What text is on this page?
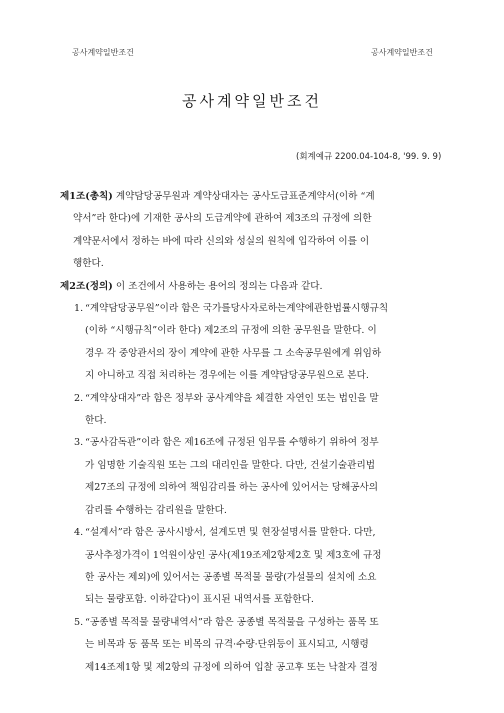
공사계약일반조건	공사계약일반조건
공사계약일반조건
(회계예규 2200.04-104-8, '99. 9. 9)
제1조(총칙) 계약담당공무원과 계약상대자는 공사도급표준계약서(이하 “계
약서”라 한다)에 기재한 공사의 도급계약에 관하여 제3조의 규정에 의한
계약문서에서 정하는 바에 따라 신의와 성실의 원칙에 입각하여 이를 이
행한다.
제2조(정의) 이 조건에서 사용하는 용어의 정의는 다음과 같다.
1. “계약담당공무원”이라 함은 국가를당사자로하는계약에관한법률시행규칙
(이하 “시행규칙”이라 한다) 제2조의 규정에 의한 공무원을 말한다. 이
경우 각 중앙관서의 장이 계약에 관한 사무를 그 소속공무원에게 위임하
지 아니하고 직접 처리하는 경우에는 이를 계약담당공무원으로 본다.
2. “계약상대자”라 함은 정부와 공사계약을 체결한 자연인 또는 법인을 말
한다.
3. “공사감독관”이라 함은 제16조에 규정된 임무를 수행하기 위하여 정부
가 임명한 기술직원 또는 그의 대리인을 말한다. 다만, 건설기술관리법
제27조의 규정에 의하여 책임감리를 하는 공사에 있어서는 당해공사의
감리를 수행하는 감리원을 말한다.
4. “설계서”라 함은 공사시방서, 설계도면 및 현장설명서를 말한다. 다만,
공사추정가격이 1억원이상인 공사(제19조제2항제2호 및 제3호에 규정
한 공사는 제외)에 있어서는 공종별 목적물 물량(가설물의 설치에 소요
되는 물량포함. 이하같다)이 표시된 내역서를 포함한다.
5. “공종별 목적물 물량내역서”라 함은 공종별 목적물을 구성하는 품목 또
는 비목과 동 품목 또는 비목의 규격·수량·단위등이 표시되고, 시행령
제14조제1항 및 제2항의 규정에 의하여 입찰 공고후 또는 낙찰자 결정
